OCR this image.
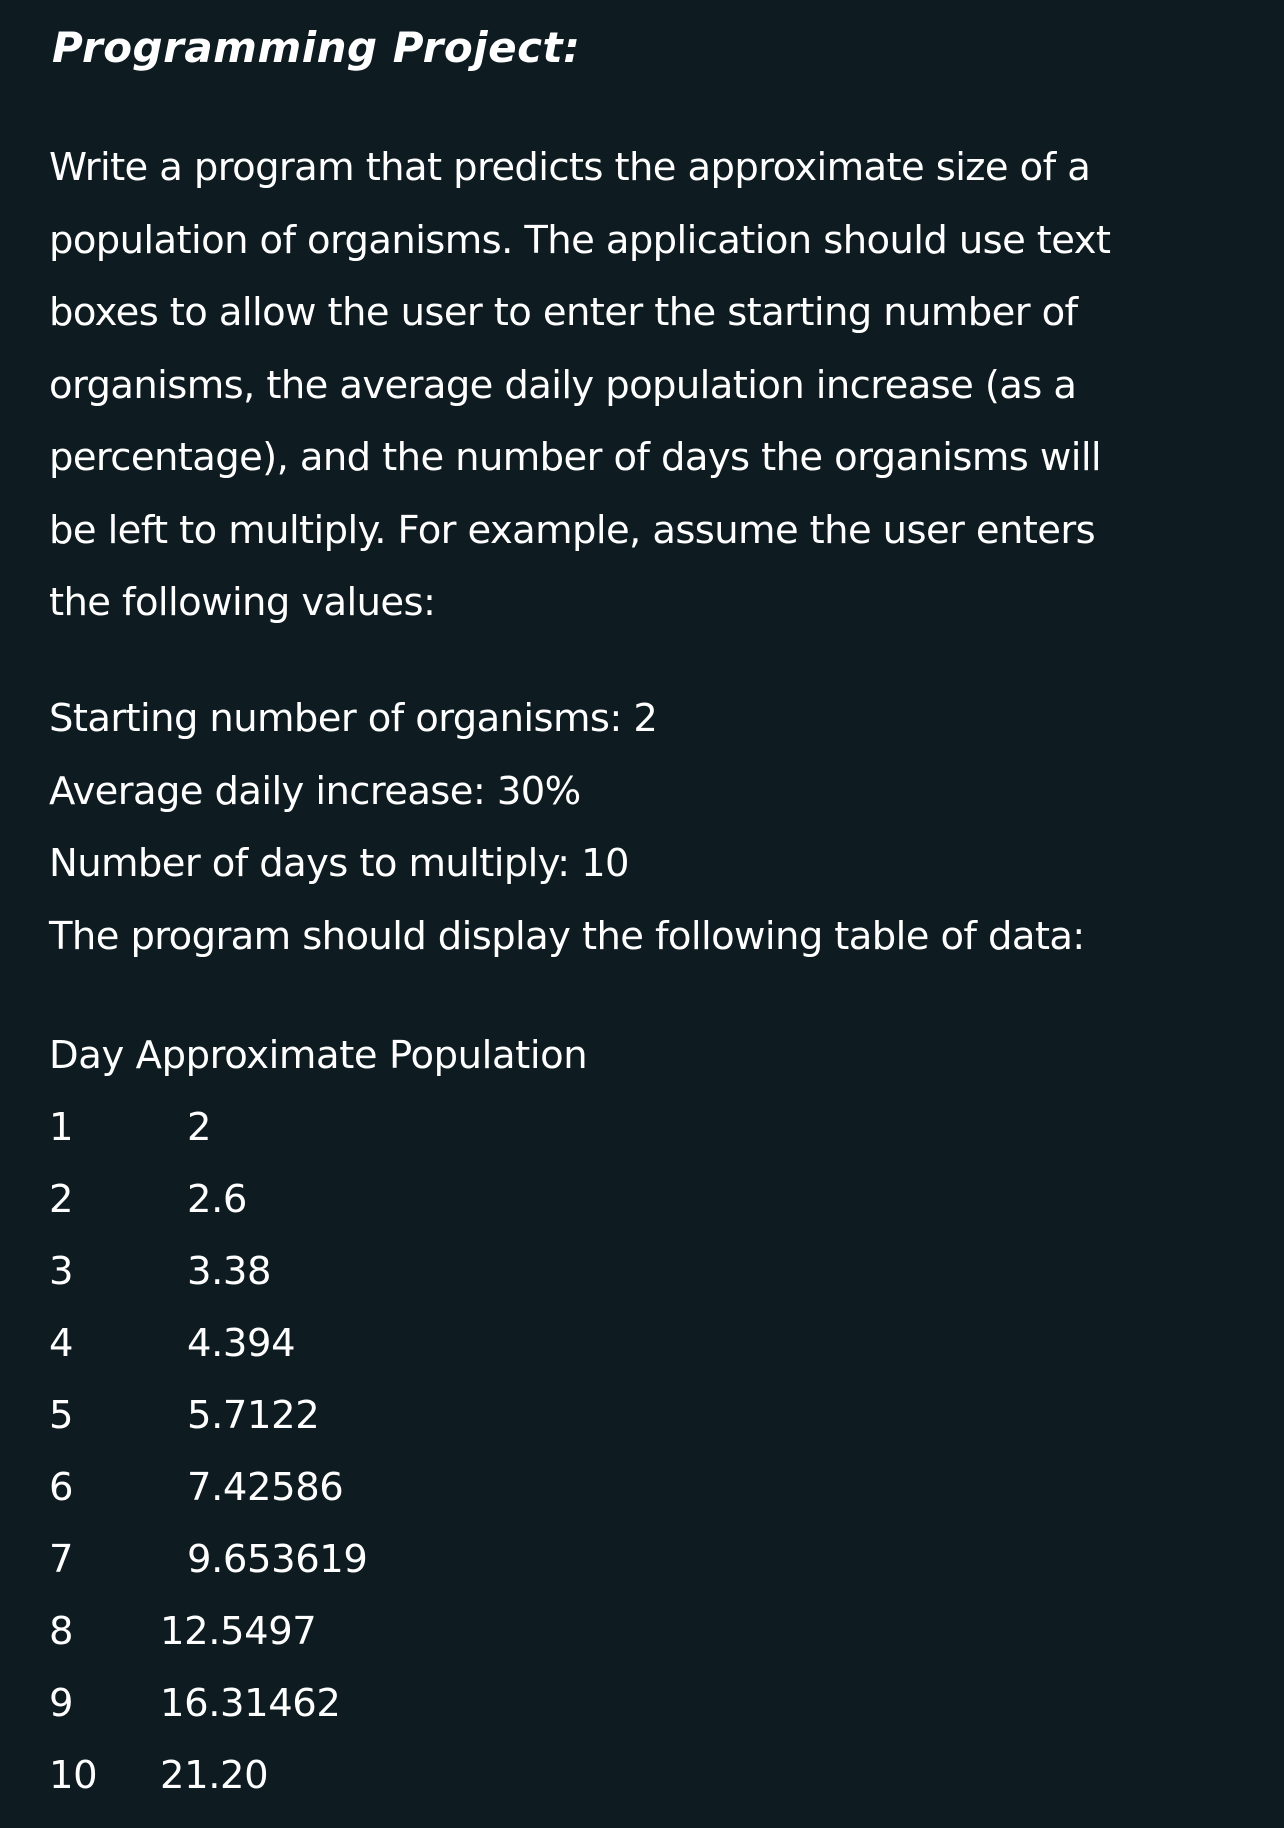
Programming Project:

Write a program that predicts the approximate size of a
population of organisms. The application should use text
boxes to allow the user to enter the starting number of
organisms, the average daily population increase (as a
percentage), and the number of days the organisms will
be left to multiply. For example, assume the user enters
the following values:

Starting number of organisms: 2
Average daily increase: 30%
Number of days to multiply: 10
The program should display the following table of data:

Day Approximate Population
1	2
2	2.6
3	3.38
4	4.394
5	5.7122
6	7.42586
7	9.653619
8 12.5497
9 16.31462
10 21.20
